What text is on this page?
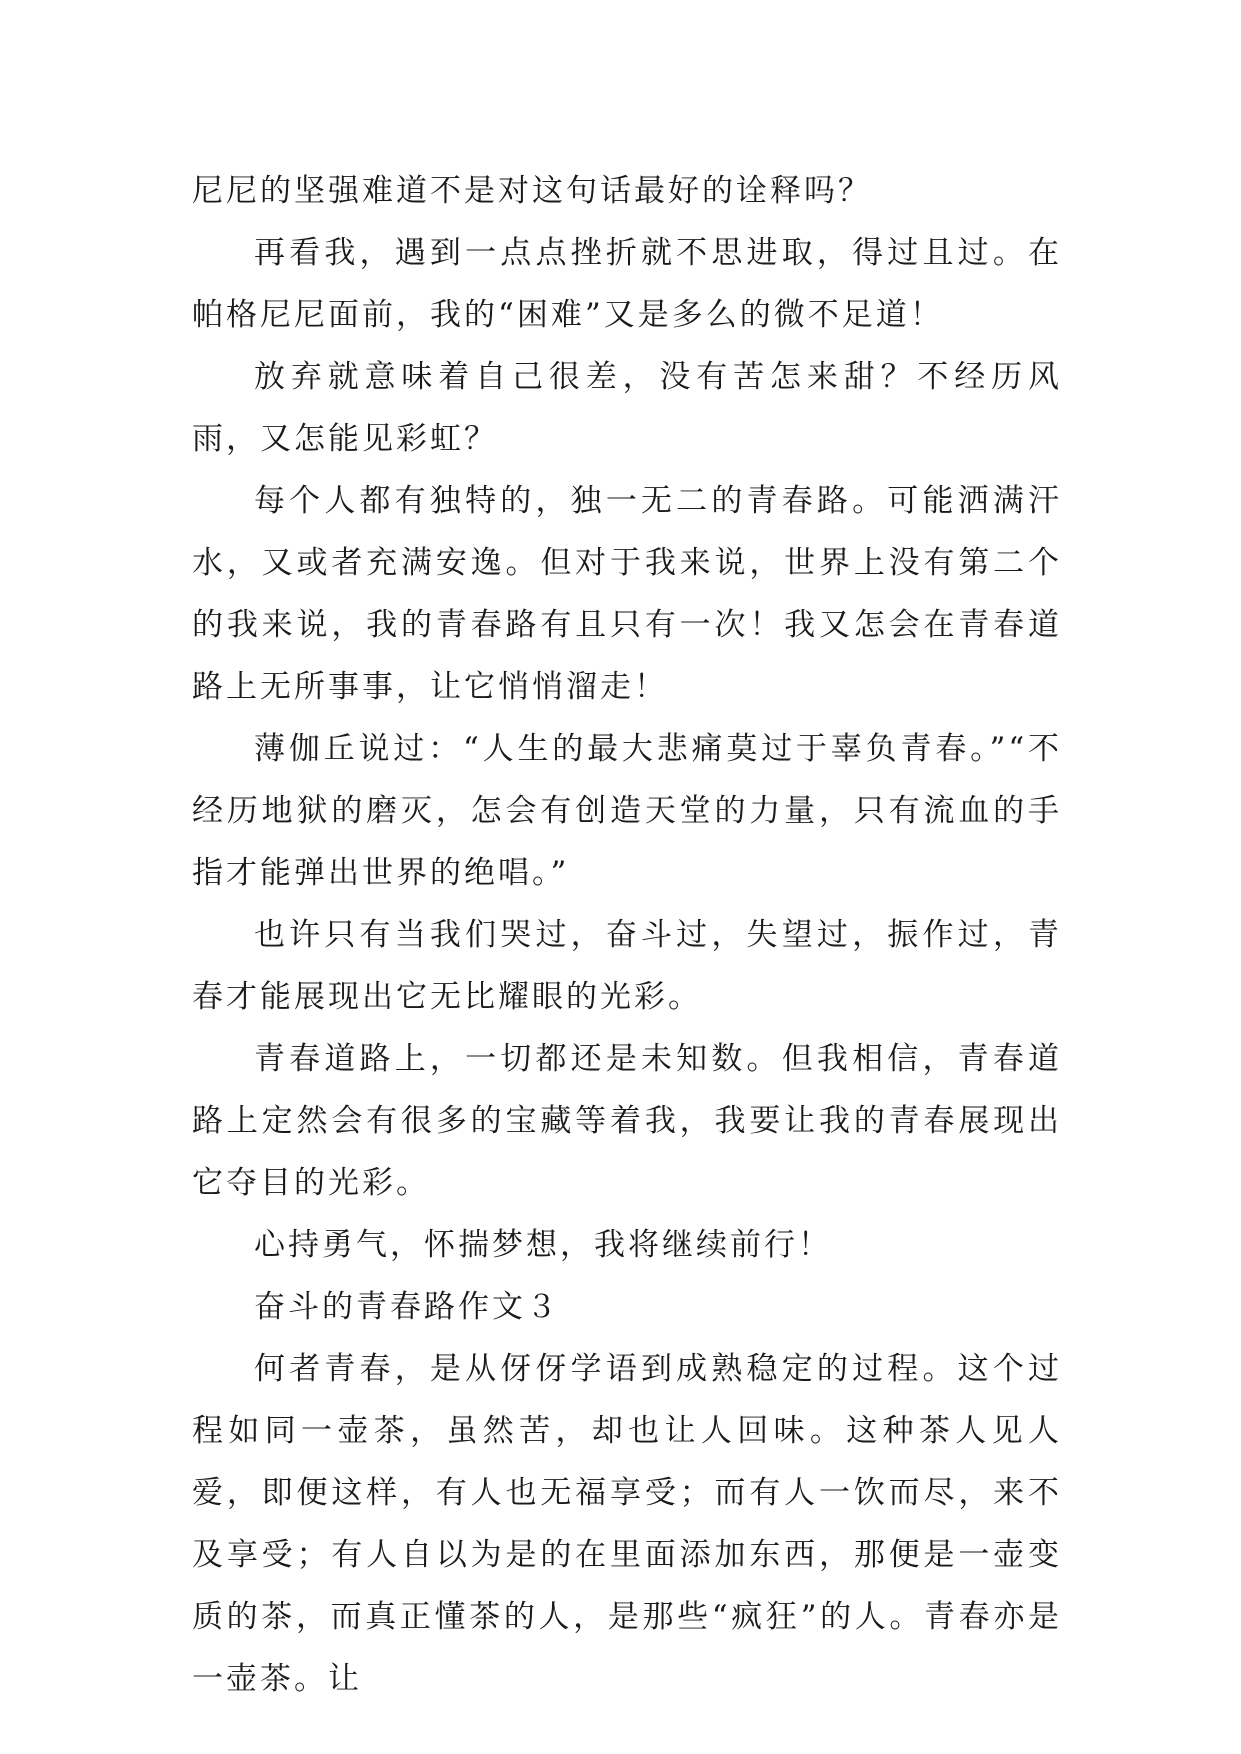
尼尼的坚强难道不是对这句话最好的诠释吗？

再看我，遇到一点点挫折就不思进取，得过且过。在帕格尼尼面前，我的“困难”又是多么的微不足道！

放弃就意味着自己很差，没有苦怎来甜？不经历风雨，又怎能见彩虹？

每个人都有独特的，独一无二的青春路。可能洒满汗水，又或者充满安逸。但对于我来说，世界上没有第二个的我来说，我的青春路有且只有一次！我又怎会在青春道路上无所事事，让它悄悄溜走！

薄伽丘说过：“人生的最大悲痛莫过于辜负青春。”“不经历地狱的磨灭，怎会有创造天堂的力量，只有流血的手指才能弹出世界的绝唱。”

也许只有当我们哭过，奋斗过，失望过，振作过，青春才能展现出它无比耀眼的光彩。

青春道路上，一切都还是未知数。但我相信，青春道路上定然会有很多的宝藏等着我，我要让我的青春展现出它夺目的光彩。

心持勇气，怀揣梦想，我将继续前行！

奋斗的青春路作文３

何者青春，是从伢伢学语到成熟稳定的过程。这个过程如同一壶茶，虽然苦，却也让人回味。这种茶人见人爱，即便这样，有人也无福享受；而有人一饮而尽，来不及享受；有人自以为是的在里面添加东西，那便是一壶变质的茶，而真正懂茶的人，是那些“疯狂”的人。青春亦是一壶茶。让
